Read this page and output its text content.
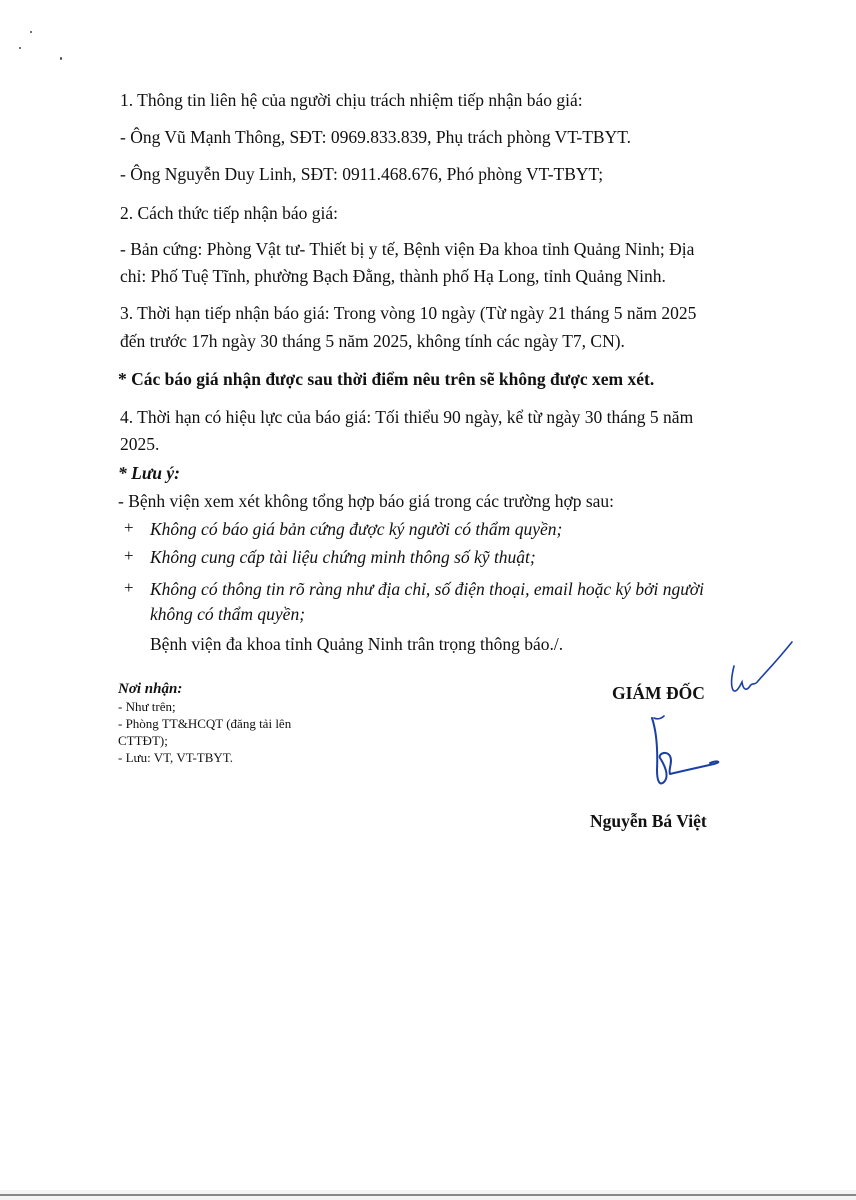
1. Thông tin liên hệ của người chịu trách nhiệm tiếp nhận báo giá:
- Ông Vũ Mạnh Thông, SĐT: 0969.833.839, Phụ trách phòng VT-TBYT.
- Ông Nguyễn Duy Linh, SĐT: 0911.468.676, Phó phòng VT-TBYT;
2. Cách thức tiếp nhận báo giá:
- Bản cứng: Phòng Vật tư- Thiết bị y tế, Bệnh viện Đa khoa tỉnh Quảng Ninh; Địa
chỉ: Phố Tuệ Tĩnh, phường Bạch Đằng, thành phố Hạ Long, tỉnh Quảng Ninh.
3. Thời hạn tiếp nhận báo giá: Trong vòng 10 ngày (Từ ngày 21 tháng 5 năm 2025
đến trước 17h ngày 30 tháng 5 năm 2025, không tính các ngày T7, CN).
* Các báo giá nhận được sau thời điểm nêu trên sẽ không được xem xét.
4. Thời hạn có hiệu lực của báo giá: Tối thiểu 90 ngày, kể từ ngày 30 tháng 5 năm
2025.
* Lưu ý:
- Bệnh viện xem xét không tổng hợp báo giá trong các trường hợp sau:
+ Không có báo giá bản cứng được ký người có thẩm quyền;
+ Không cung cấp tài liệu chứng minh thông số kỹ thuật;
+ Không có thông tin rõ ràng như địa chỉ, số điện thoại, email hoặc ký bởi người
không có thẩm quyền;
Bệnh viện đa khoa tỉnh Quảng Ninh trân trọng thông báo./.
Nơi nhận:
- Như trên;
- Phòng TT&HCQT (đăng tải lên
CTTĐT);
- Lưu: VT, VT-TBYT.
GIÁM ĐỐC
Nguyễn Bá Việt
